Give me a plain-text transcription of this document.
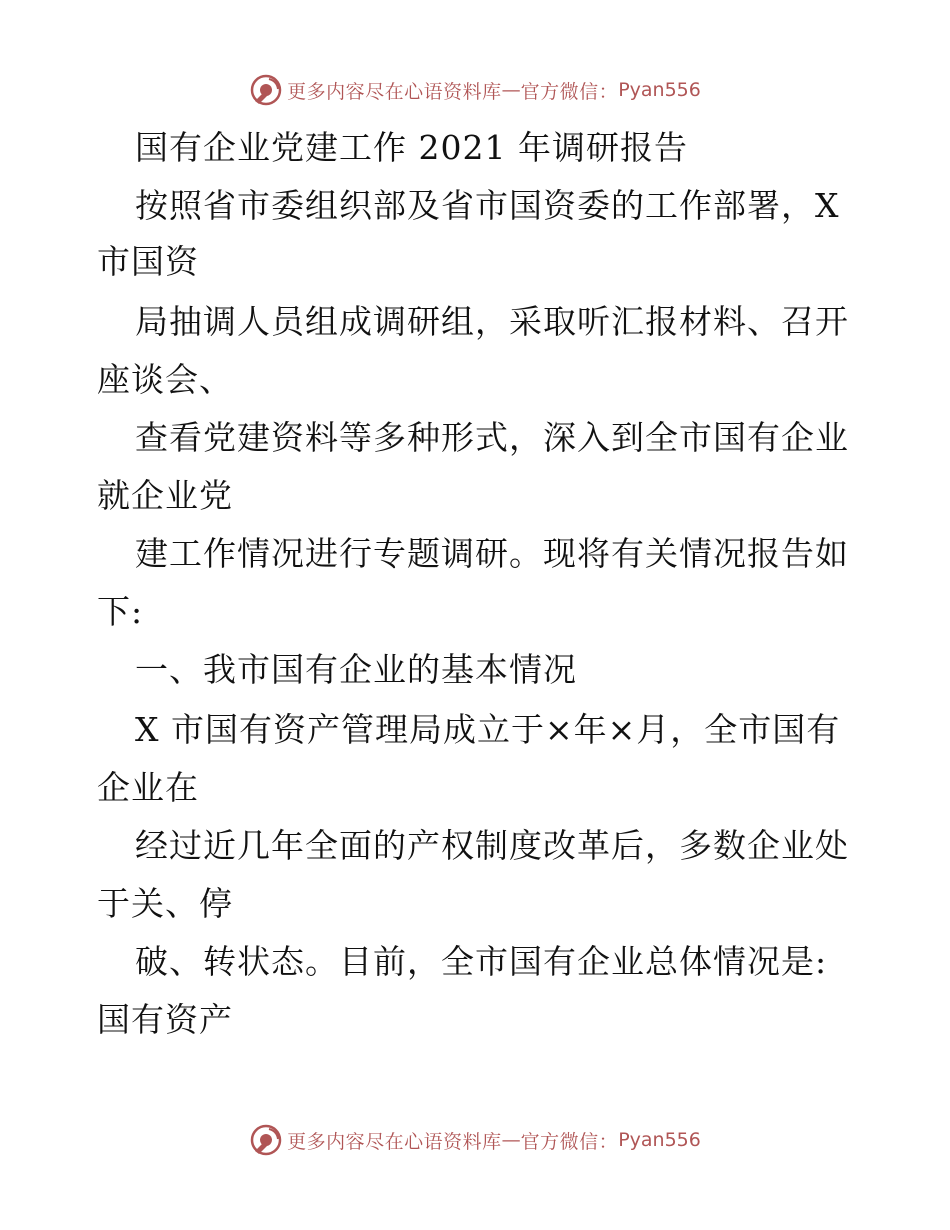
更多内容尽在心语资料库 — 官方微信： Pyan556
国有企业党建工作 2021 年调研报告
按照省市委组织部及省市国资委的工作部署，X
市国资
局抽调人员组成调研组，采取听汇报材料、召开
座谈会、
查看党建资料等多种形式，深入到全市国有企业
就企业党
建工作情况进行专题调研。现将有关情况报告如
下:
一、我市国有企业的基本情况
X 市国有资产管理局成立于×年×月，全市国有
企业在
经过近几年全面的产权制度改革后，多数企业处
于关、停
破、转状态。目前，全市国有企业总体情况是:
国有资产
更多内容尽在心语资料库 — 官方微信： Pyan556
